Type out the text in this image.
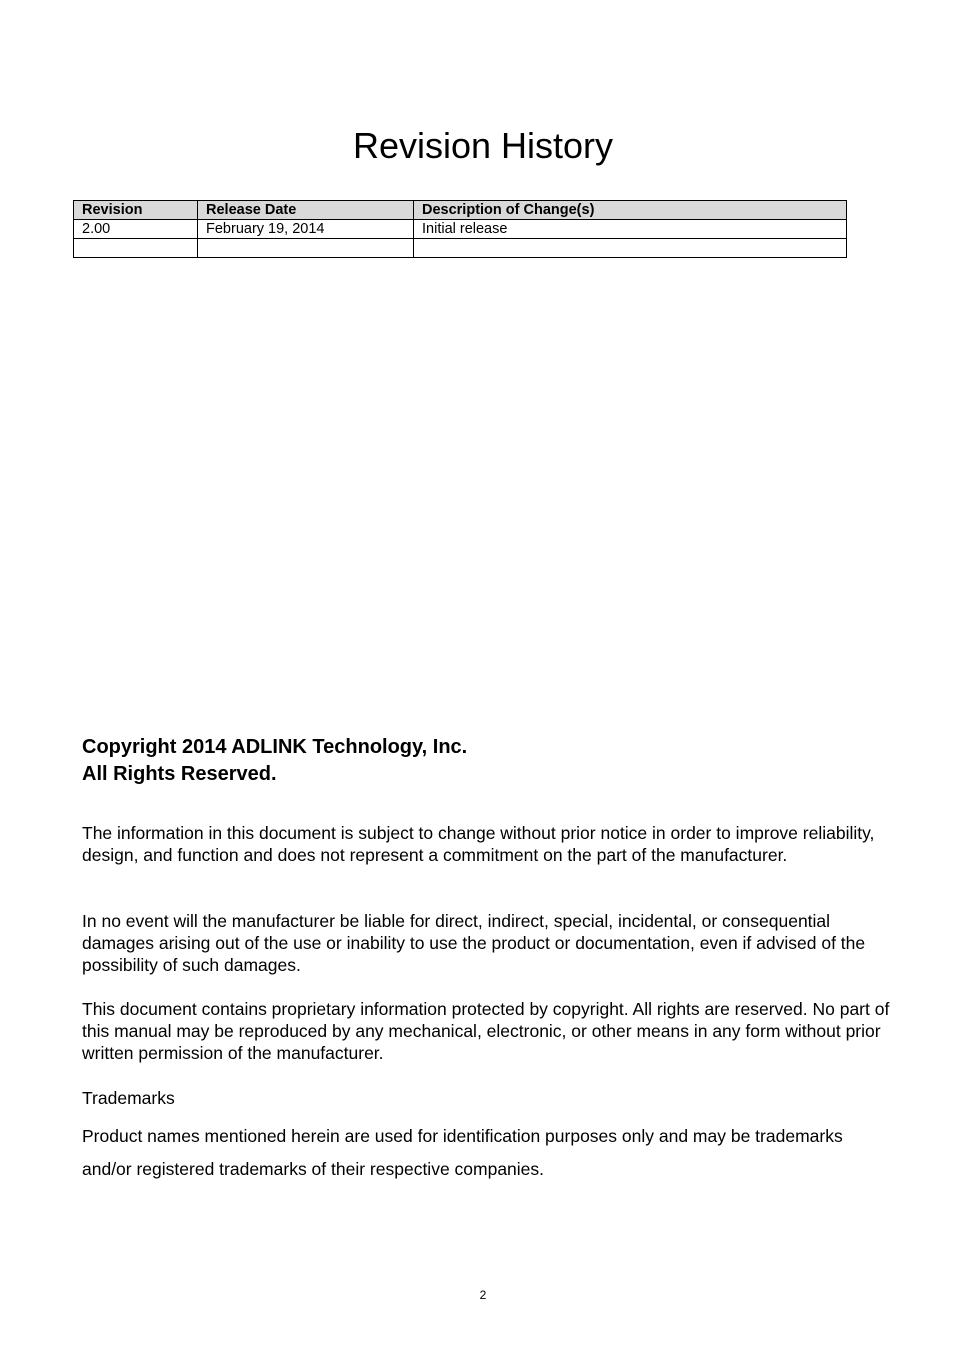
Revision History
Revision	Release Date	Description of Change(s)
2.00	February 19, 2014	Initial release

Copyright 2014 ADLINK Technology, Inc.
All Rights Reserved.

The information in this document is subject to change without prior notice in order to improve reliability, design, and function and does not represent a commitment on the part of the manufacturer.

In no event will the manufacturer be liable for direct, indirect, special, incidental, or consequential damages arising out of the use or inability to use the product or documentation, even if advised of the possibility of such damages.

This document contains proprietary information protected by copyright. All rights are reserved. No part of this manual may be reproduced by any mechanical, electronic, or other means in any form without prior written permission of the manufacturer.

Trademarks

Product names mentioned herein are used for identification purposes only and may be trademarks and/or registered trademarks of their respective companies.

2
